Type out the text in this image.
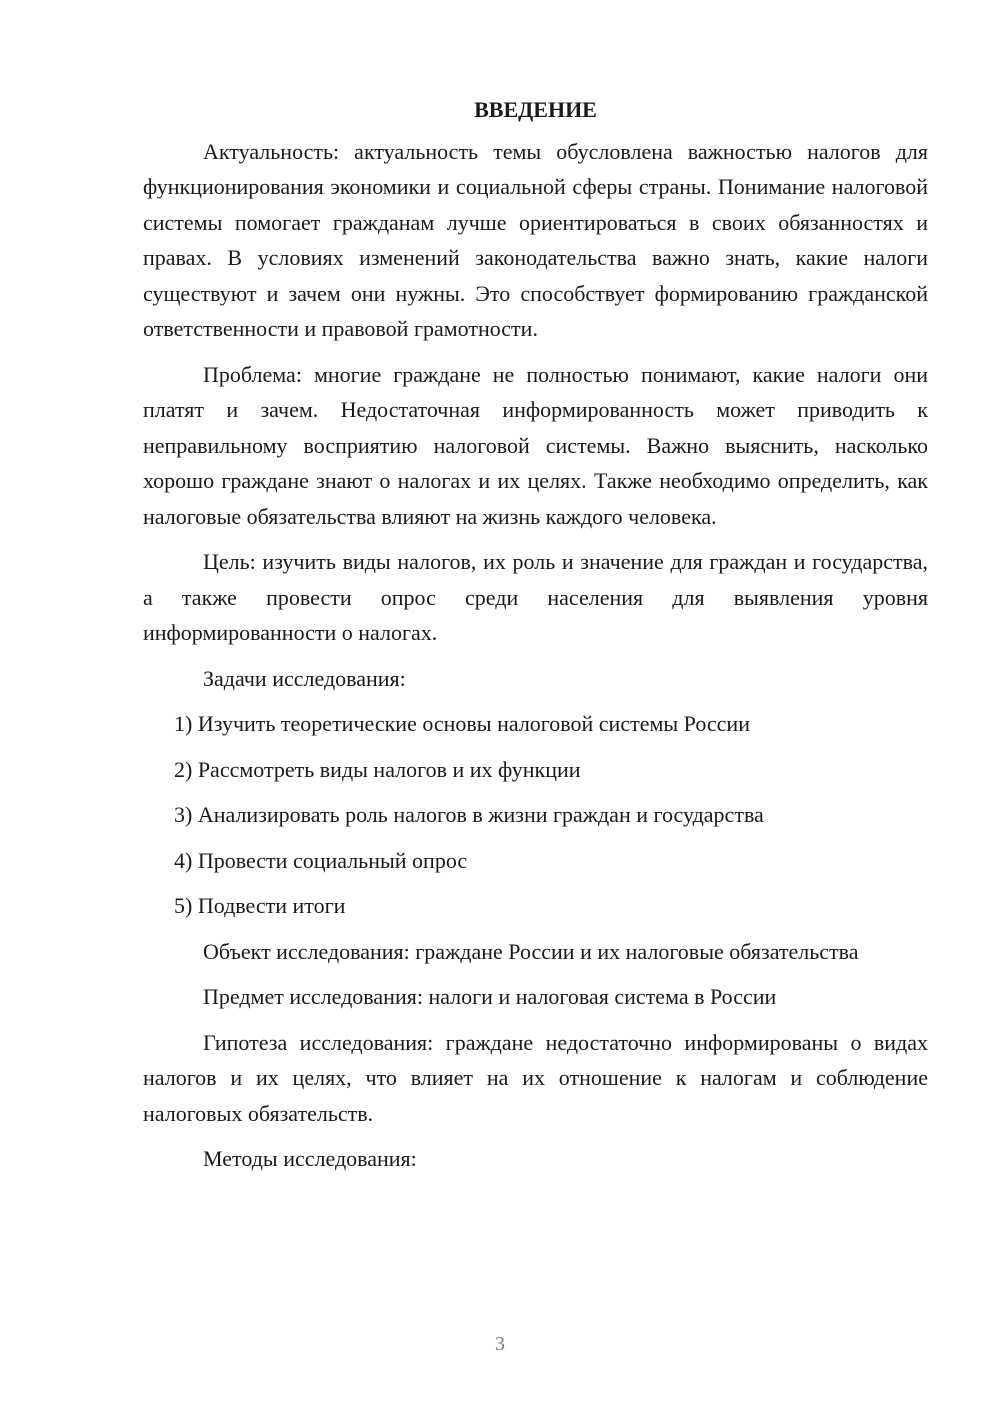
ВВЕДЕНИЕ

Актуальность: актуальность темы обусловлена важностью налогов для функционирования экономики и социальной сферы страны. Понимание налоговой системы помогает гражданам лучше ориентироваться в своих обязанностях и правах. В условиях изменений законодательства важно знать, какие налоги существуют и зачем они нужны. Это способствует формированию гражданской ответственности и правовой грамотности.

Проблема: многие граждане не полностью понимают, какие налоги они платят и зачем. Недостаточная информированность может приводить к неправильному восприятию налоговой системы. Важно выяснить, насколько хорошо граждане знают о налогах и их целях. Также необходимо определить, как налоговые обязательства влияют на жизнь каждого человека.

Цель: изучить виды налогов, их роль и значение для граждан и государства, а также провести опрос среди населения для выявления уровня информированности о налогах.

Задачи исследования:

1) Изучить теоретические основы налоговой системы России
2) Рассмотреть виды налогов и их функции
3) Анализировать роль налогов в жизни граждан и государства
4) Провести социальный опрос
5) Подвести итоги

Объект исследования: граждане России и их налоговые обязательства

Предмет исследования: налоги и налоговая система в России

Гипотеза исследования: граждане недостаточно информированы о видах налогов и их целях, что влияет на их отношение к налогам и соблюдение налоговых обязательств.

Методы исследования:

3
